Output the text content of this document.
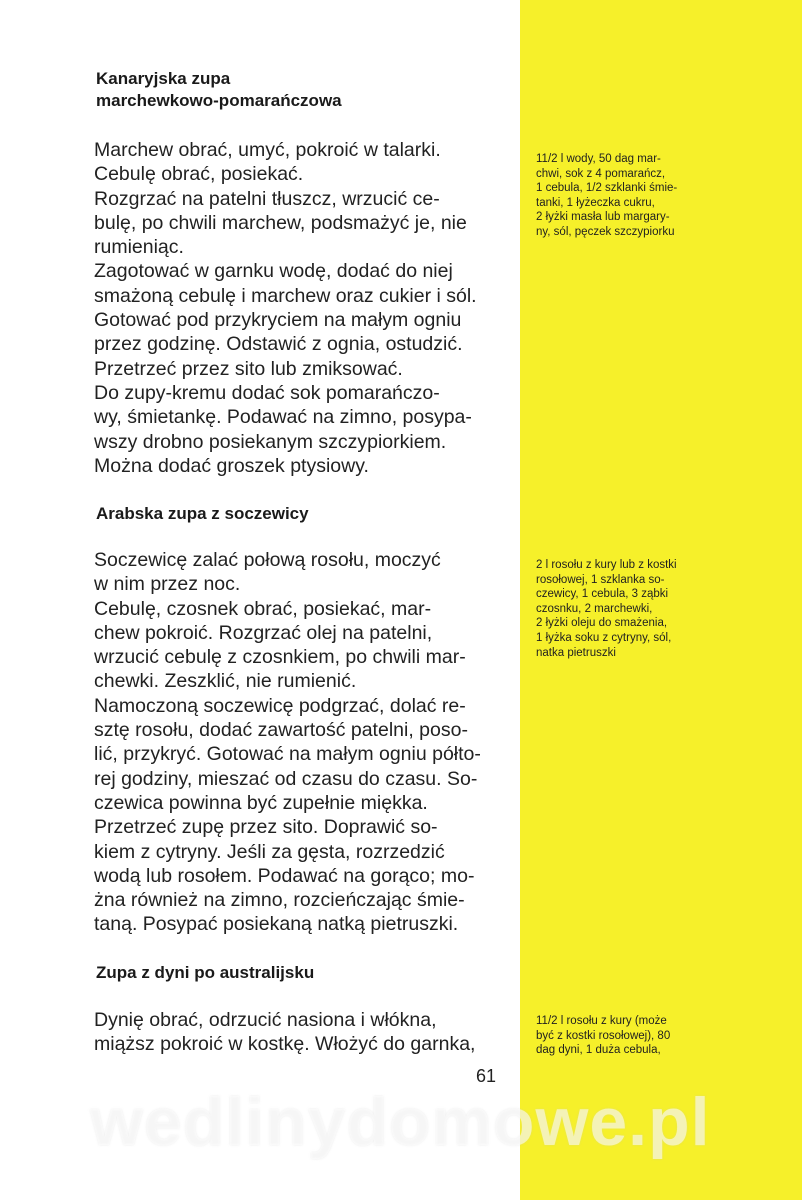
Kanaryjska zupa
marchewkowo-pomarańczowa

Marchew obrać, umyć, pokroić w talarki.
Cebulę obrać, posiekać.

Rozgrzać na patelni tłuszcz, wrzucić ce-
bulę, po chwili marchew, podsmażyć je, nie
rumieniąc.

Zagotować w garnku wodę, dodać do niej
smażoną cebulę i marchew oraz cukier i sól.
Gotować pod przykryciem na małym ogniu
przez godzinę. Odstawić z ognia, ostudzić.
Przetrzeć przez sito lub zmiksować.

Do zupy-kremu dodać sok pomarańczo-
wy, śmietankę. Podawać na zimno, posypa-
wszy drobno posiekanym szczypiorkiem.
Można dodać groszek ptysiowy.

11/2 l wody, 50 dag mar-
chwi, sok z 4 pomarańcz,
1 cebula, 1/2 szklanki śmie-
tanki, 1 łyżeczka cukru,
2 łyżki masła lub margary-
ny, sól, pęczek szczypiorku
Arabska zupa z soczewicy

Soczewicę zalać połową rosołu, moczyć
w nim przez noc.

Cebulę, czosnek obrać, posiekać, mar-
chew pokroić. Rozgrzać olej na patelni,
wrzucić cebulę z czosnkiem, po chwili mar-
chewki. Zeszklić, nie rumienić.

Namoczoną soczewicę podgrzać, dolać re-
sztę rosołu, dodać zawartość patelni, poso-
lić, przykryć. Gotować na małym ogniu półto-
rej godziny, mieszać od czasu do czasu. So-
czewica powinna być zupełnie miękka.

Przetrzeć zupę przez sito. Doprawić so-
kiem z cytryny. Jeśli za gęsta, rozrzedzić
wodą lub rosołem. Podawać na gorąco; mo-
żna również na zimno, rozcieńczając śmie-
taną. Posypać posiekaną natką pietruszki.

2 l rosołu z kury lub z kostki
rosołowej, 1 szklanka so-
czewicy, 1 cebula, 3 ząbki
czosnku, 2 marchewki,
2 łyżki oleju do smażenia,
1 łyżka soku z cytryny, sól,
natka pietruszki
Zupa z dyni po australijsku

Dynię obrać, odrzucić nasiona i włókna,
miąższ pokroić w kostkę. Włożyć do garnka,

11/2 l rosołu z kury (może
być z kostki rosołowej), 80
dag dyni, 1 duża cebula,
61
wedlinydomowe.pl
